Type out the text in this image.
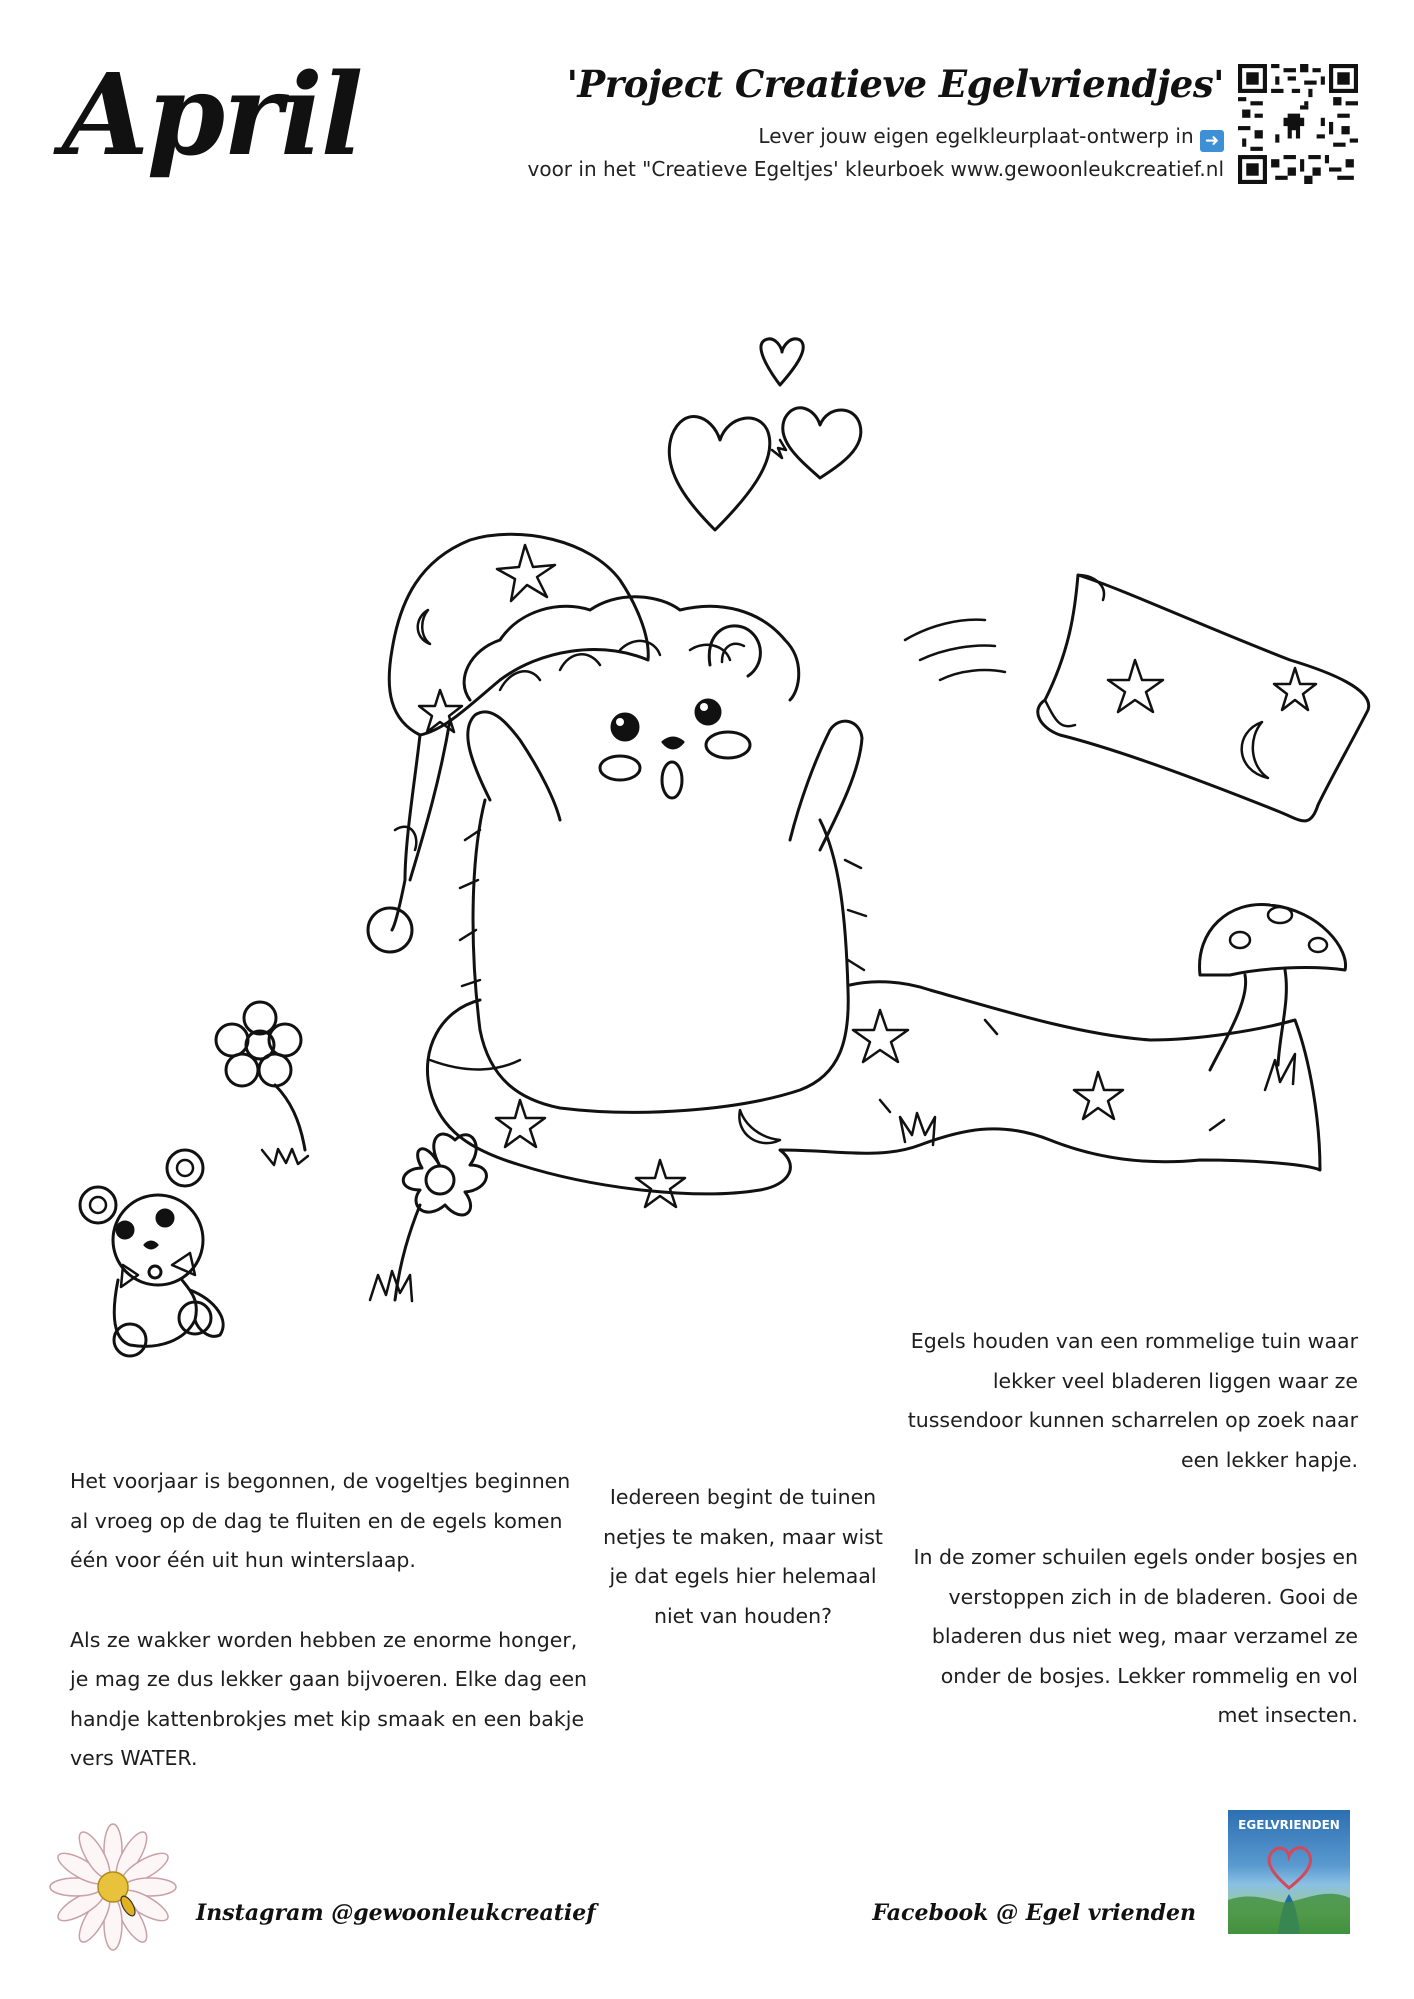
April	'Project Creatieve Egelvriendjes'
Lever jouw eigen egelkleurplaat-ontwerp in ➜
voor in het "Creatieve Egeltjes' kleurboek www.gewoonleukcreatief.nl

Het voorjaar is begonnen, de vogeltjes beginnen al vroeg op de dag te fluiten en de egels komen één voor één uit hun winterslaap.

Als ze wakker worden hebben ze enorme honger, je mag ze dus lekker gaan bijvoeren. Elke dag een handje kattenbrokjes met kip smaak en een bakje vers WATER.

Iedereen begint de tuinen netjes te maken, maar wist je dat egels hier helemaal niet van houden?
Egels houden van een rommelige tuin waar lekker veel bladeren liggen waar ze tussendoor kunnen scharrelen op zoek naar een lekker hapje.
In de zomer schuilen egels onder bosjes en verstoppen zich in de bladeren. Gooi de bladeren dus niet weg, maar verzamel ze onder de bosjes. Lekker rommelig en vol met insecten.
Instagram @gewoonleukcreatief	Facebook @ Egel vrienden
EGELVRIENDEN
